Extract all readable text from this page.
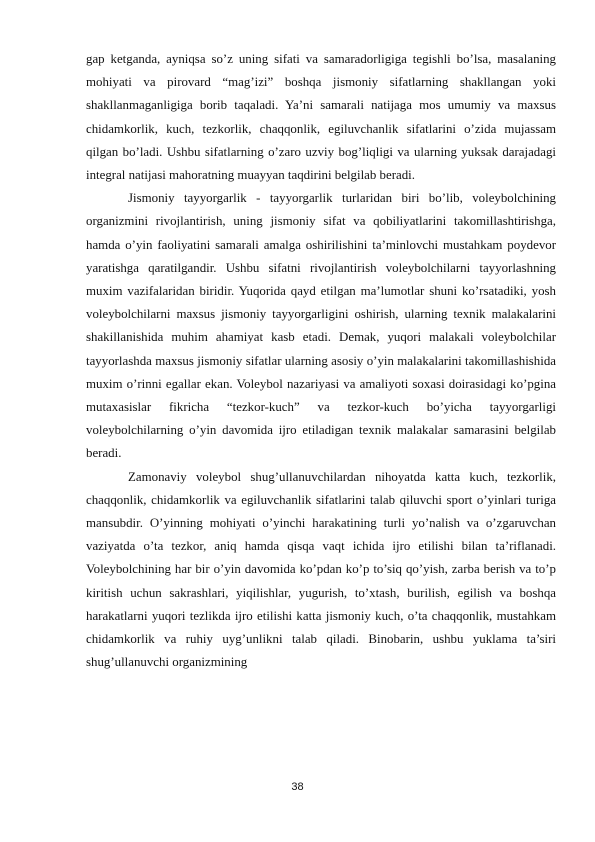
gap ketganda, ayniqsa so’z uning sifati va samaradorligiga tegishli bo’lsa, masalaning mohiyati va pirovard “mag’izi” boshqa jismoniy sifatlarning shakllangan yoki shakllanmaganligiga borib taqaladi. Ya’ni samarali natijaga mos umumiy va maxsus chidamkorlik, kuch, tezkorlik, chaqqonlik, egiluvchanlik sifatlarini o’zida mujassam qilgan bo’ladi. Ushbu sifatlarning o’zaro uzviy bog’liqligi va ularning yuksak darajadagi integral natijasi mahoratning muayyan taqdirini belgilab beradi.

Jismoniy tayyorgarlik - tayyorgarlik turlaridan biri bo’lib, voleybolchining organizmini rivojlantirish, uning jismoniy sifat va qobiliyatlarini takomillashtirishga, hamda o’yin faoliyatini samarali amalga oshirilishini ta’minlovchi mustahkam poydevor yaratishga qaratilgandir. Ushbu sifatni rivojlantirish voleybolchilarni tayyorlashning muxim vazifalaridan biridir. Yuqorida qayd etilgan ma’lumotlar shuni ko’rsatadiki, yosh voleybolchilarni maxsus jismoniy tayyorgarligini oshirish, ularning texnik malakalarini shakillanishida muhim ahamiyat kasb etadi. Demak, yuqori malakali voleybolchilar tayyorlashda maxsus jismoniy sifatlar ularning asosiy o’yin malakalarini takomillashishida muxim o’rinni egallar ekan. Voleybol nazariyasi va amaliyoti soxasi doirasidagi ko’pgina mutaxasislar fikricha “tezkor-kuch” va tezkor-kuch bo’yicha tayyorgarligi voleybolchilarning o’yin davomida ijro etiladigan texnik malakalar samarasini belgilab beradi.

Zamonaviy voleybol shug’ullanuvchilardan nihoyatda katta kuch, tezkorlik, chaqqonlik, chidamkorlik va egiluvchanlik sifatlarini talab qiluvchi sport o’yinlari turiga mansubdir. O’yinning mohiyati o’yinchi harakatining turli yo’nalish va o’zgaruvchan vaziyatda o’ta tezkor, aniq hamda qisqa vaqt ichida ijro etilishi bilan ta’riflanadi. Voleybolchining har bir o’yin davomida ko’pdan ko’p to’siq qo’yish, zarba berish va to’p kiritish uchun sakrashlari, yiqilishlar, yugurish, to’xtash, burilish, egilish va boshqa harakatlarni yuqori tezlikda ijro etilishi katta jismoniy kuch, o’ta chaqqonlik, mustahkam chidamkorlik va ruhiy uyg’unlikni talab qiladi. Binobarin, ushbu yuklama ta’siri shug’ullanuvchi organizmining

38
